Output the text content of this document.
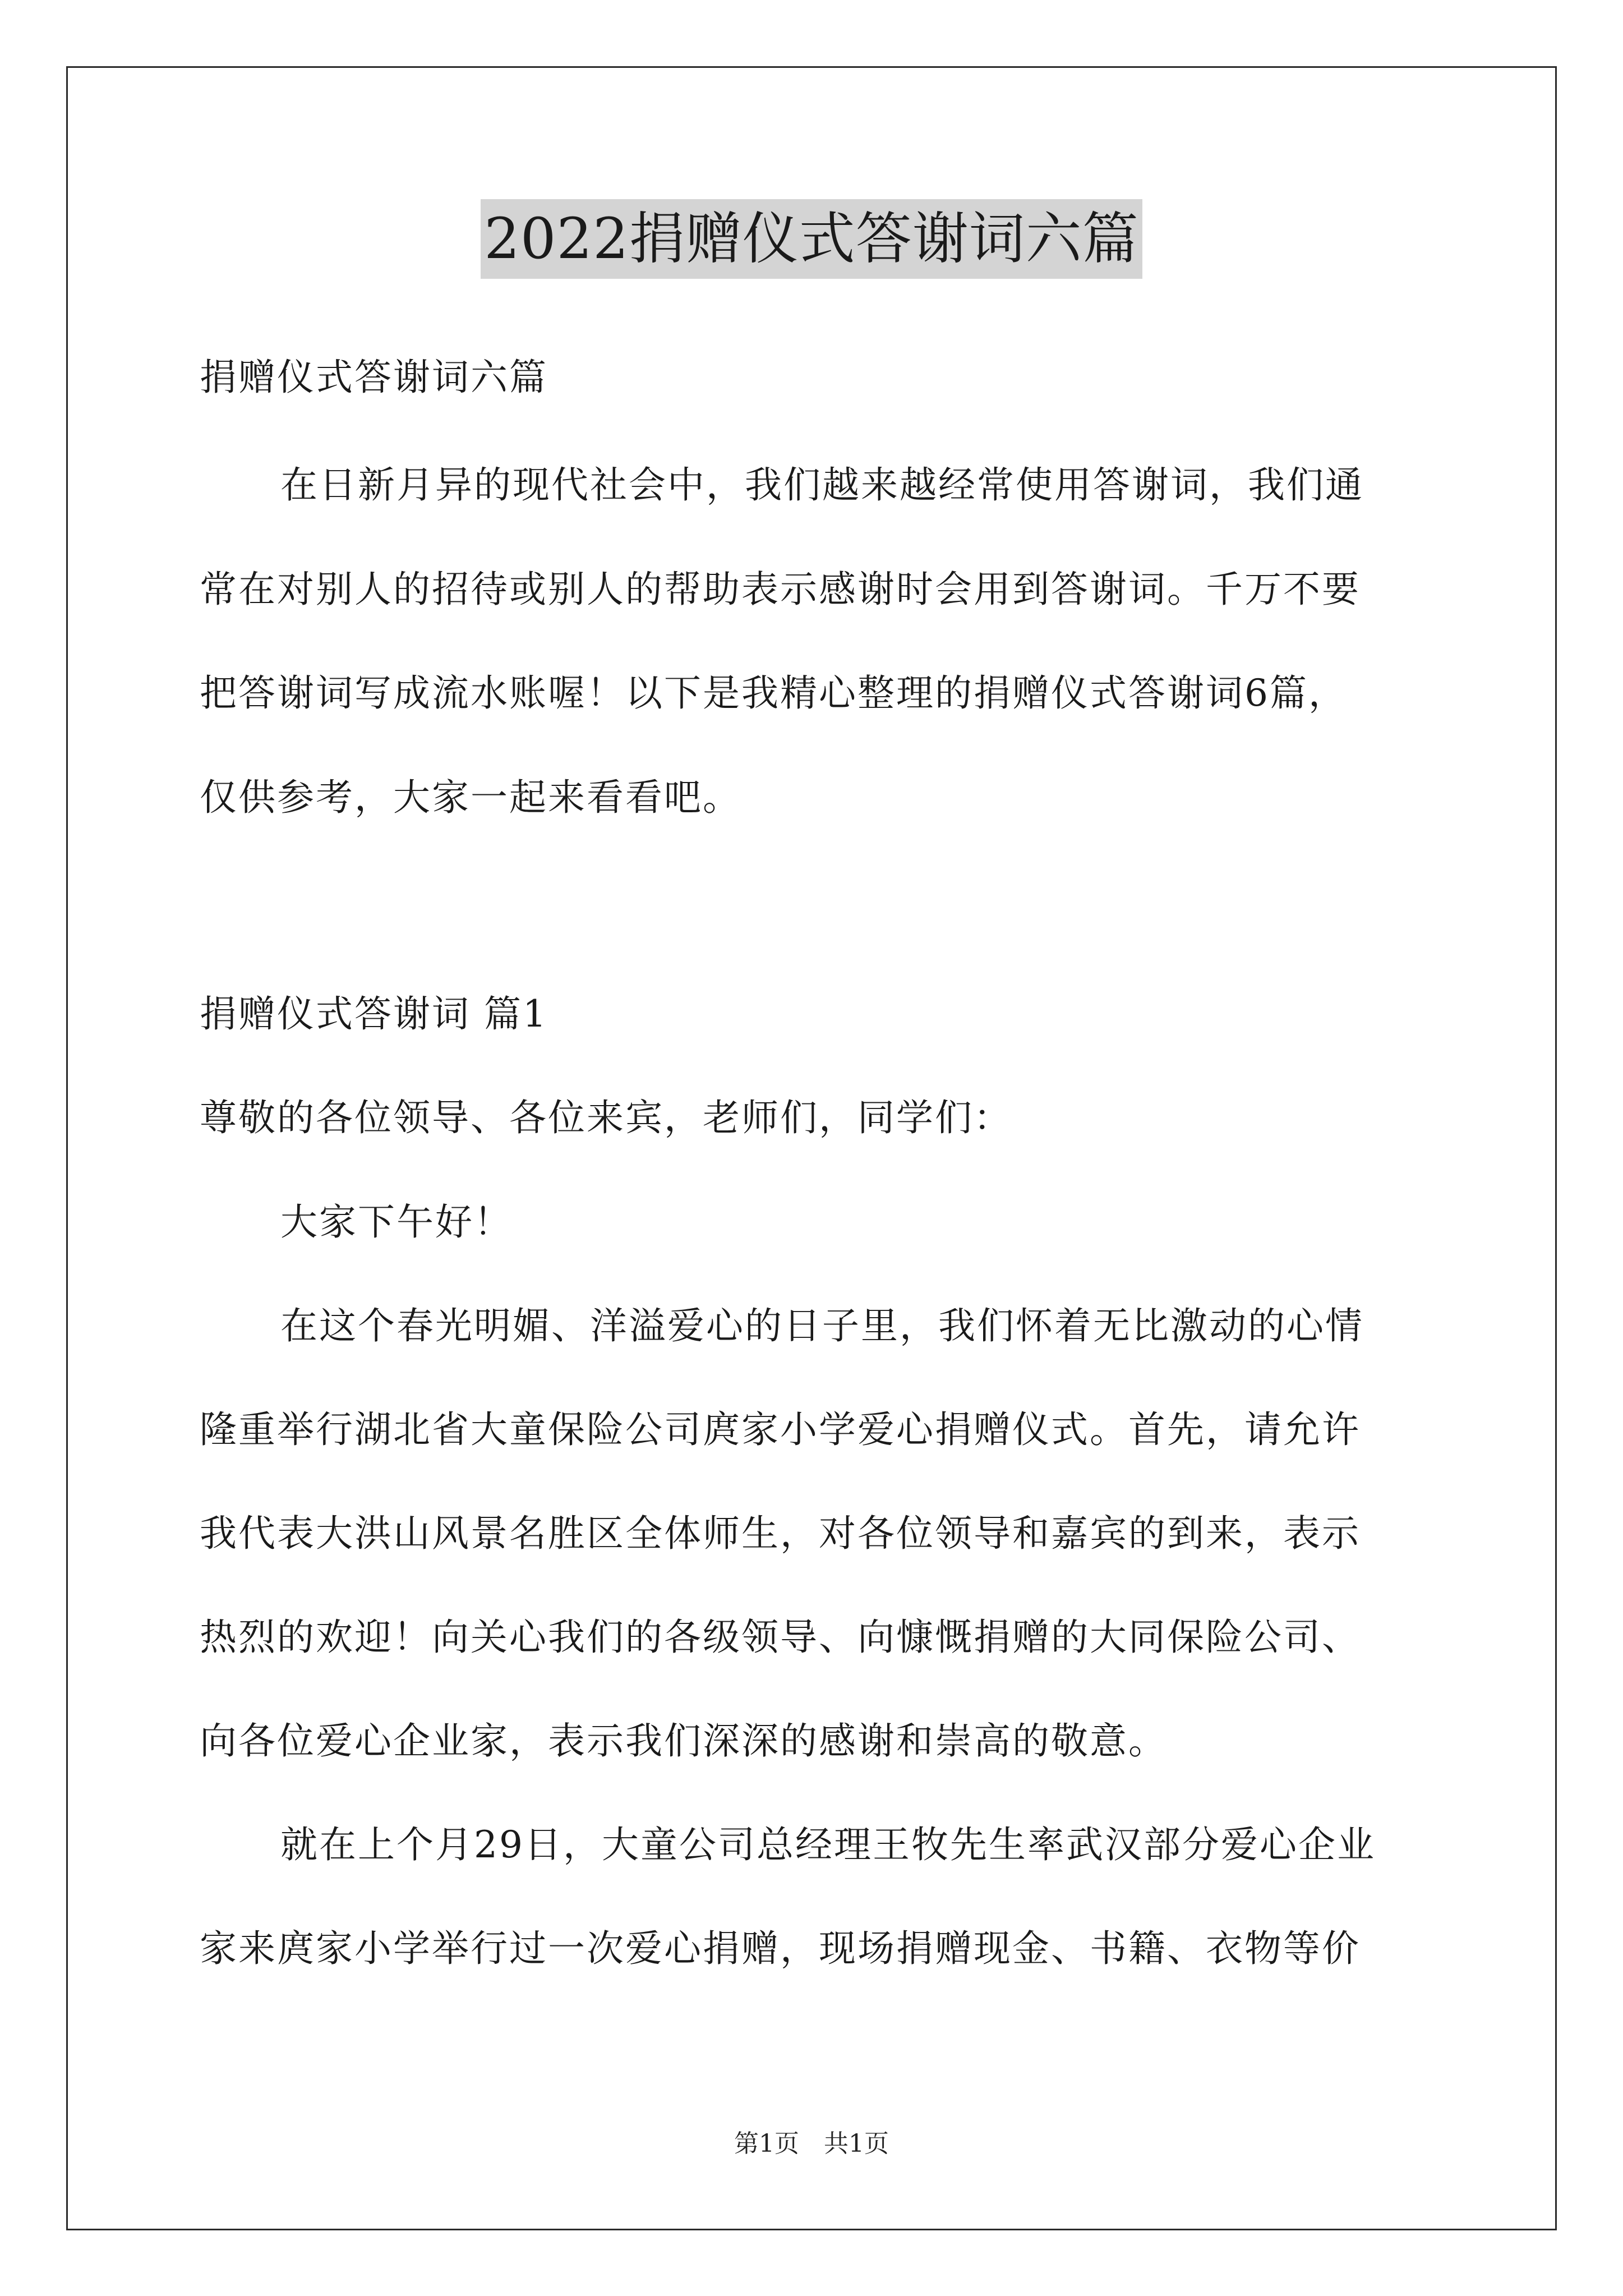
2022捐赠仪式答谢词六篇
捐赠仪式答谢词六篇
在日新月异的现代社会中，我们越来越经常使用答谢词，我们通
常在对别人的招待或别人的帮助表示感谢时会用到答谢词。千万不要
把答谢词写成流水账喔！以下是我精心整理的捐赠仪式答谢词6篇，
仅供参考，大家一起来看看吧。
捐赠仪式答谢词 篇1
尊敬的各位领导、各位来宾，老师们，同学们：
大家下午好！
在这个春光明媚、洋溢爱心的日子里，我们怀着无比激动的心情
隆重举行湖北省大童保险公司庹家小学爱心捐赠仪式。首先，请允许
我代表大洪山风景名胜区全体师生，对各位领导和嘉宾的到来，表示
热烈的欢迎！向关心我们的各级领导、向慷慨捐赠的大同保险公司、
向各位爱心企业家，表示我们深深的感谢和崇高的敬意。
就在上个月29日，大童公司总经理王牧先生率武汉部分爱心企业
家来庹家小学举行过一次爱心捐赠，现场捐赠现金、书籍、衣物等价
第1页　共1页
